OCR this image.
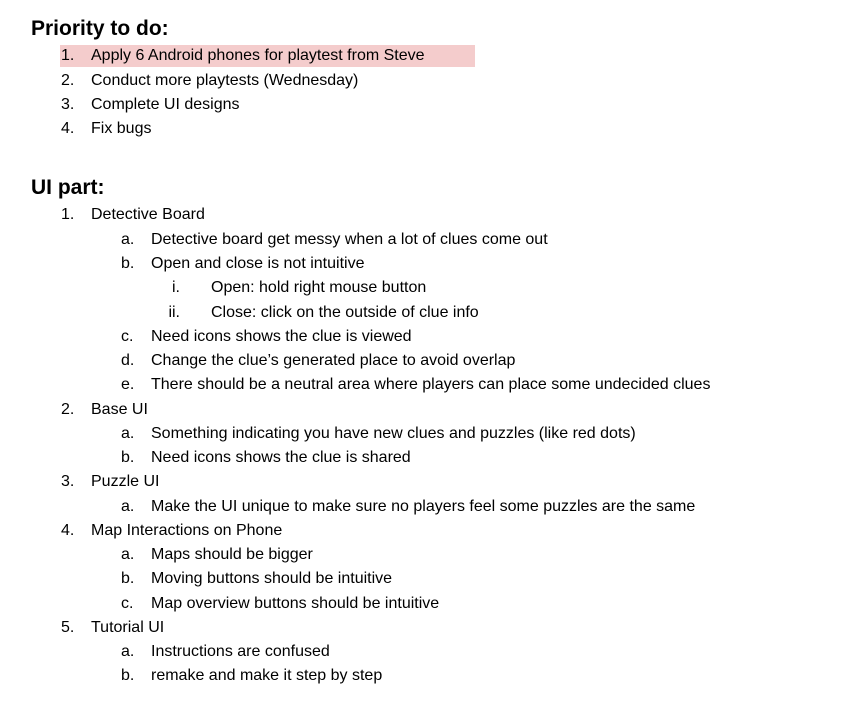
Priority to do:
1. Apply 6 Android phones for playtest from Steve
2. Conduct more playtests (Wednesday)
3. Complete UI designs
4. Fix bugs
UI part:
1. Detective Board
a. Detective board get messy when a lot of clues come out
b. Open and close is not intuitive
i. Open: hold right mouse button
ii. Close: click on the outside of clue info
c. Need icons shows the clue is viewed
d. Change the clue’s generated place to avoid overlap
e. There should be a neutral area where players can place some undecided clues
2. Base UI
a. Something indicating you have new clues and puzzles (like red dots)
b. Need icons shows the clue is shared
3. Puzzle UI
a. Make the UI unique to make sure no players feel some puzzles are the same
4. Map Interactions on Phone
a. Maps should be bigger
b. Moving buttons should be intuitive
c. Map overview buttons should be intuitive
5. Tutorial UI
a. Instructions are confused
b. remake and make it step by step
